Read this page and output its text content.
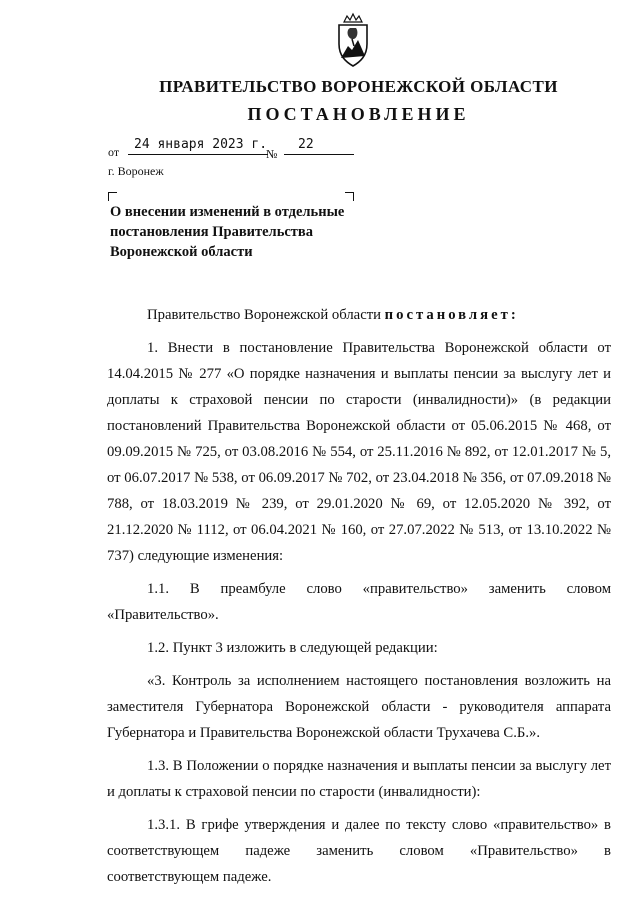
ПРАВИТЕЛЬСТВО ВОРОНЕЖСКОЙ ОБЛАСТИ
ПОСТАНОВЛЕНИЕ
от 24 января 2023 г.
№
22
г. Воронеж
О внесении изменений в отдельные постановления Правительства Воронежской области

Правительство Воронежской области постановляет:

1. Внести в постановление Правительства Воронежской области от 14.04.2015 № 277 «О порядке назначения и выплаты пенсии за выслугу лет и доплаты к страховой пенсии по старости (инвалидности)» (в редакции постановлений Правительства Воронежской области от 05.06.2015 № 468, от 09.09.2015 № 725, от 03.08.2016 № 554, от 25.11.2016 № 892, от 12.01.2017 № 5, от 06.07.2017 № 538, от 06.09.2017 № 702, от 23.04.2018 № 356, от 07.09.2018 № 788, от 18.03.2019 № 239, от 29.01.2020 № 69, от 12.05.2020 № 392, от 21.12.2020 № 1112, от 06.04.2021 № 160, от 27.07.2022 № 513, от 13.10.2022 № 737) следующие изменения:

1.1. В преамбуле слово «правительство» заменить словом «Правительство».

1.2. Пункт 3 изложить в следующей редакции:

«3. Контроль за исполнением настоящего постановления возложить на заместителя Губернатора Воронежской области - руководителя аппарата Губернатора и Правительства Воронежской области Трухачева С.Б.».

1.3. В Положении о порядке назначения и выплаты пенсии за выслугу лет и доплаты к страховой пенсии по старости (инвалидности):

1.3.1. В грифе утверждения и далее по тексту слово «правительство» в соответствующем падеже заменить словом «Правительство» в соответствующем падеже.
